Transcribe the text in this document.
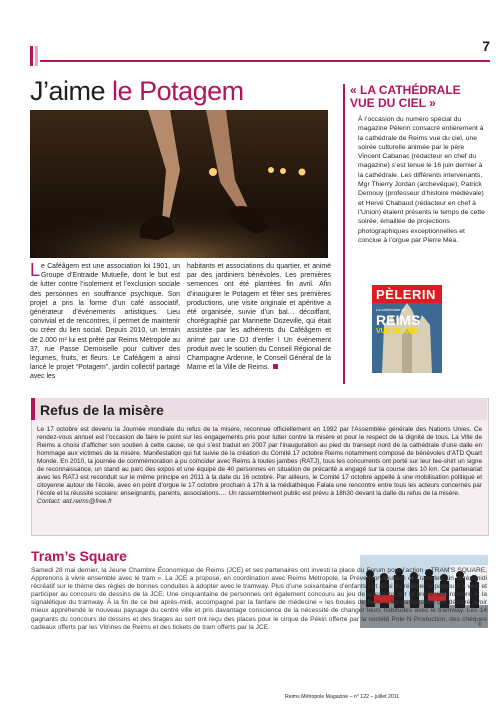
7
J’aime le Potagem
©
L e Caféâgem est une association loi 1901, un Groupe d’Entraide Mutuelle, dont le but est de lutter contre l’isolement et l’exclusion sociale des personnes en souffrance psychique. Son projet a pris la forme d’un café associatif, générateur d’événements artistiques. Lieu convivial et de rencontres, il permet de maintenir ou créer du lien social. Depuis 2010, un terrain de 2.000 m² lui est prêté par Reims Métropole au 37, rue Passe Demoiselle pour cultiver des légumes, fruits, et fleurs. Le Caféâgem a ainsi lancé le projet “Potagem”, jardin collectif partagé avec les
habitants et associations du quartier, et animé par des jardiniers bénévoles. Les premières semences ont été plantées fin avril. Afin d’inaugurer le Potagem et fêter ses premières productions, une visite originale et apéritive a été organisée, suivie d’un bal… décoiffant, chorégraphié par Marinette Dozeville, qui était assistée par les adhérents du Caféâgem et animé par une DJ d’enfer ! Un événement produit avec le soutien du Conseil Régional de Champagne Ardenne, le Conseil Général de la Marne et la Ville de Reims.
« LA CATHÉDRALE VUE DU CIEL »
À l’occasion du numéro spécial du magazine Pèlerin consacré entièrement à la cathédrale de Reims vue du ciel, une soirée culturelle animée par le père Vincent Cabanac (rédacteur en chef du magazine) s’est tenue le 16 juin dernier à la cathédrale. Les différents intervenants, Mgr Thierry Jordan (archevêque), Patrick Demouy (professeur d’histoire médiévale) et Hervé Chabaud (rédacteur en chef à l’Union) étaient présents le temps de cette soirée, émaillée de projections photographiques exceptionnelles et conclue à l’orgue par Pierre Méa.
PÈLERIN
La cathédrale de
REIMS
VUE DU CIEL
Refus de la misère
Le 17 octobre est devenu la Journée mondiale du refus de la misère, reconnue officiellement en 1992 par l’Assemblée générale des Nations Unies. Ce rendez-vous annuel est l’occasion de faire le point sur les engagements pris pour lutter contre la misère et pour le respect de la dignité de tous. La Ville de Reims a choisi d’afficher son soutien à cette cause, ce qui s’est traduit en 2007 par l’inauguration au pied du transept nord de la cathédrale d’une dalle en hommage aux victimes de la misère. Manifestation qui fut suivie de la création du Comité 17 octobre Reims notamment composé de bénévoles d’ATD Quart Monde. En 2010, la journée de commémoration a pu coïncider avec Reims à toutes jambes (RATJ), tous les concurrents ont porté sur leur tee-shirt un signe de reconnaissance, un stand au parc des expos et une équipe de 40 personnes en situation de précarité a engagé sur la course des 10 km. Ce partenariat avec les RATJ est reconduit sur le même principe en 2011 à la date du 16 octobre. Par ailleurs, le Comité 17 octobre appelle à une mobilisation politique et citoyenne autour de l’école, avec en point d’orgue le 17 octobre prochain à 17h à la médiathèque Falala une rencontre entre tous les acteurs concernés par l’école et la réussite scolaire: enseignants, parents, associations…. Un rassemblement public est prévu à 18h30 devant la dalle du refus de la misère.
Contact: atd.reims@free.fr
Tram’s Square
©
Samedi 28 mai dernier, la Jeune Chambre Économique de Reims (JCE) et ses partenaires ont investi la place du Forum pour l’action « TRAM’S SQUARE, Apprenons à vivre ensemble avec le tram ». La JCE a proposé, en coordination avec Reims Métropole, la Prévention routière et Transdev, un après-midi récréatif sur le thème des règles de bonnes conduites à adopter avec le tramway. Plus d’une soixantaine d’enfants ont ainsi pu réaliser le parcours à vélo et participer au concours de dessins de la JCE. Une cinquantaine de personnes ont également concouru au jeu de questions sur la prévention routière et la signalétique du tramway. À la fin de ce bel après-midi, accompagné par la fanfare de médecine « les boules de feux », les participants ont déclaré avoir mieux appréhendé le nouveau paysage du centre ville et pris davantage conscience de la nécessité de changer leurs habitudes avec le tramway. Les 14 gagnants du concours de dessins et des tirages au sort ont reçu des places pour le cirque de Pékin offerte par la société Pole N Production, des chèques cadeaux offerts par les Vitrines de Reims et des tickets de tram offerts par la JCE.
Reims Métropole Magazine – n° 122 – juillet 2011
